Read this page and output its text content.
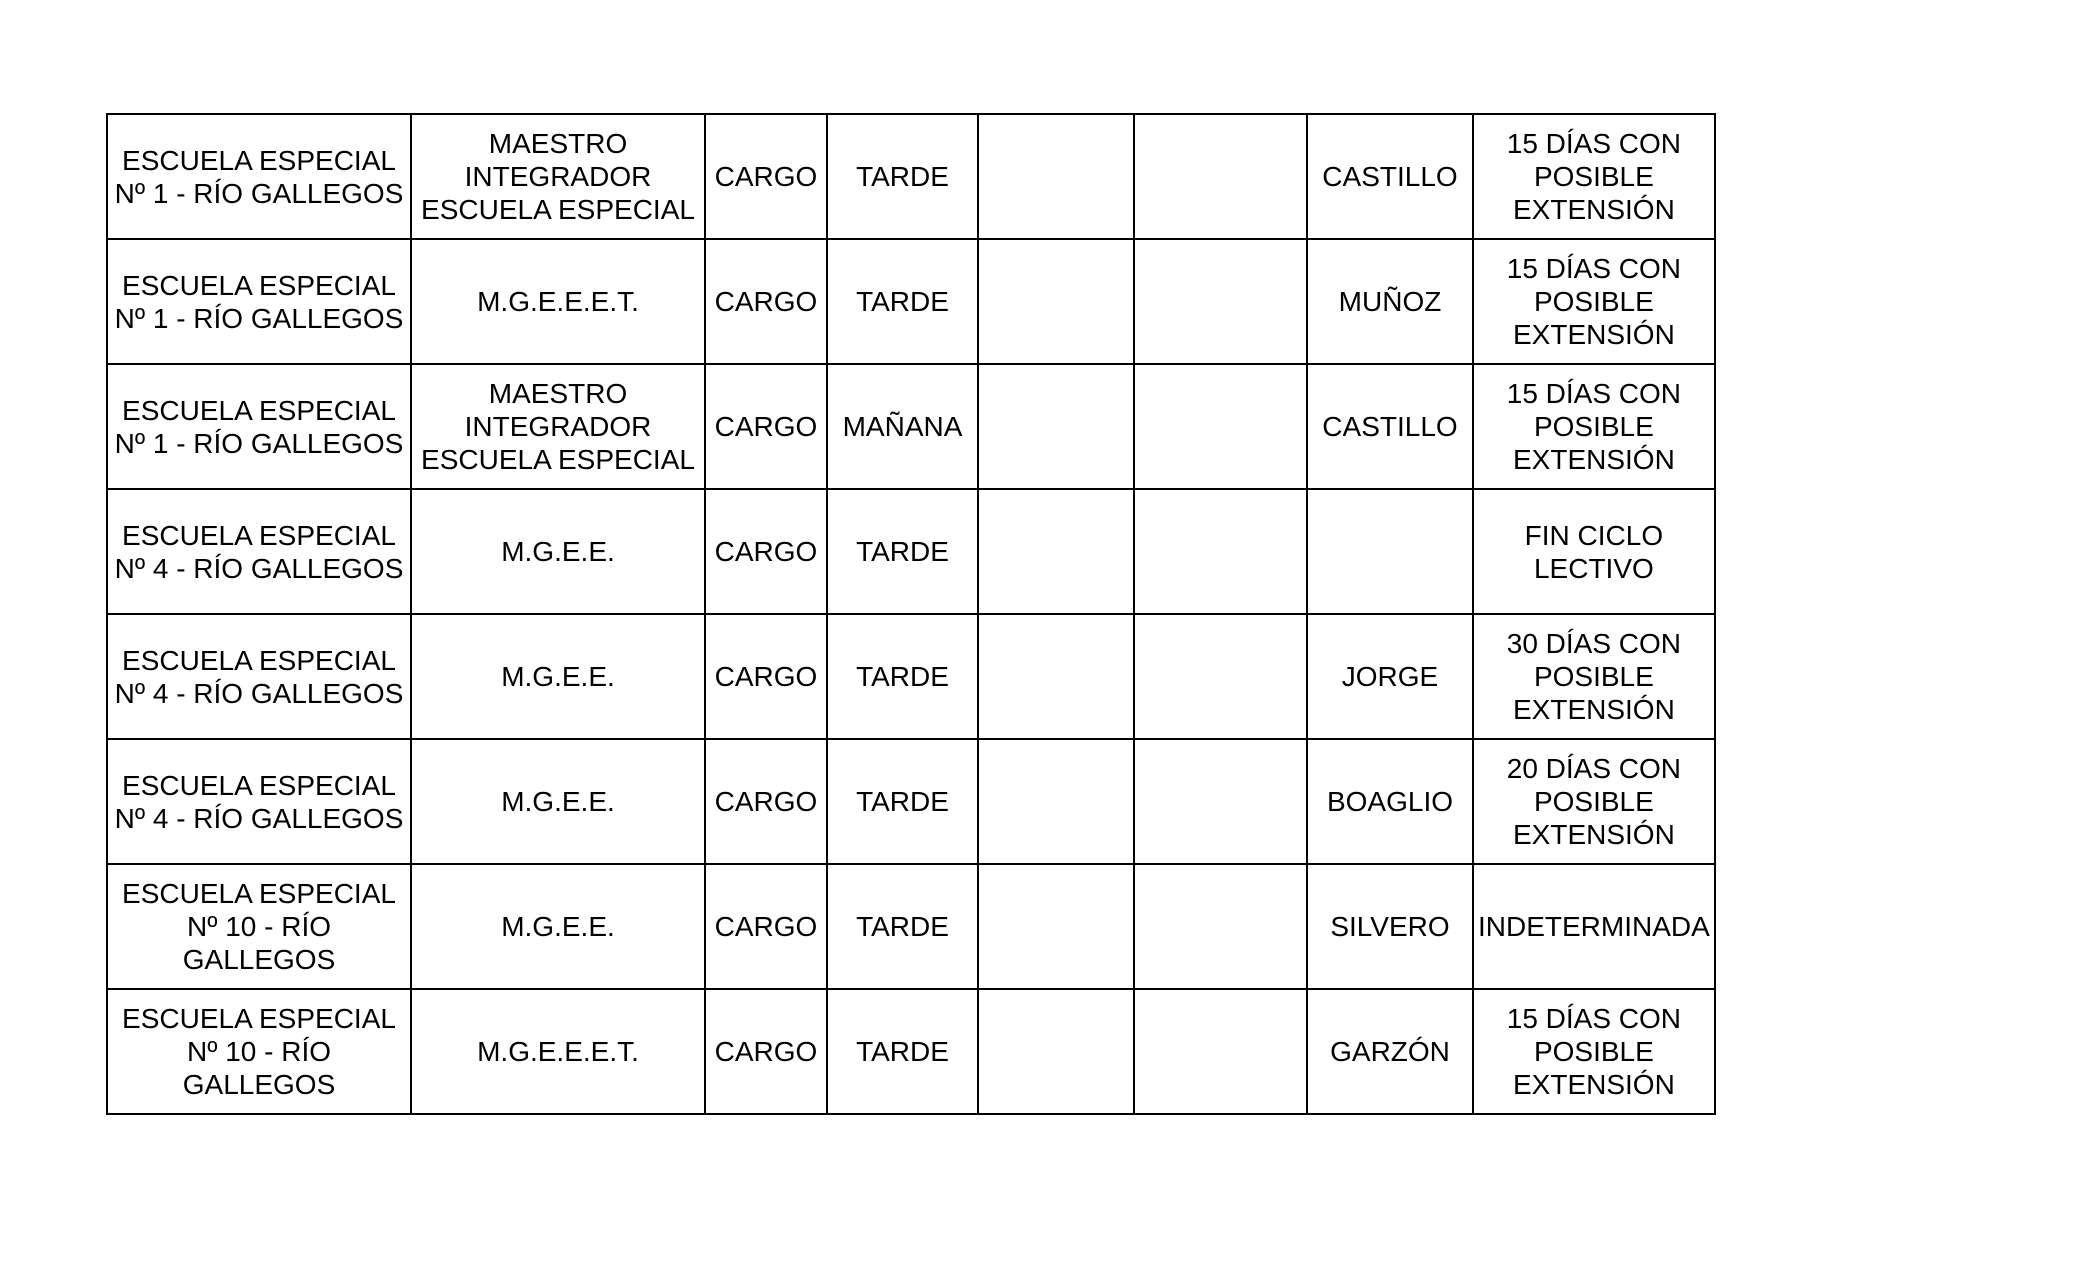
ESCUELA ESPECIAL Nº 1 - RÍO GALLEGOS	MAESTRO INTEGRADOR ESCUELA ESPECIAL	CARGO	TARDE			CASTILLO	15 DÍAS CON POSIBLE EXTENSIÓN
ESCUELA ESPECIAL Nº 1 - RÍO GALLEGOS	M.G.E.E.E.T.	CARGO	TARDE			MUÑOZ	15 DÍAS CON POSIBLE EXTENSIÓN
ESCUELA ESPECIAL Nº 1 - RÍO GALLEGOS	MAESTRO INTEGRADOR ESCUELA ESPECIAL	CARGO	MAÑANA			CASTILLO	15 DÍAS CON POSIBLE EXTENSIÓN
ESCUELA ESPECIAL Nº 4 - RÍO GALLEGOS	M.G.E.E.	CARGO	TARDE				FIN CICLO LECTIVO
ESCUELA ESPECIAL Nº 4 - RÍO GALLEGOS	M.G.E.E.	CARGO	TARDE			JORGE	30 DÍAS CON POSIBLE EXTENSIÓN
ESCUELA ESPECIAL Nº 4 - RÍO GALLEGOS	M.G.E.E.	CARGO	TARDE			BOAGLIO	20 DÍAS CON POSIBLE EXTENSIÓN
ESCUELA ESPECIAL Nº 10 - RÍO GALLEGOS	M.G.E.E.	CARGO	TARDE			SILVERO	INDETERMINADA
ESCUELA ESPECIAL Nº 10 - RÍO GALLEGOS	M.G.E.E.E.T.	CARGO	TARDE			GARZÓN	15 DÍAS CON POSIBLE EXTENSIÓN
